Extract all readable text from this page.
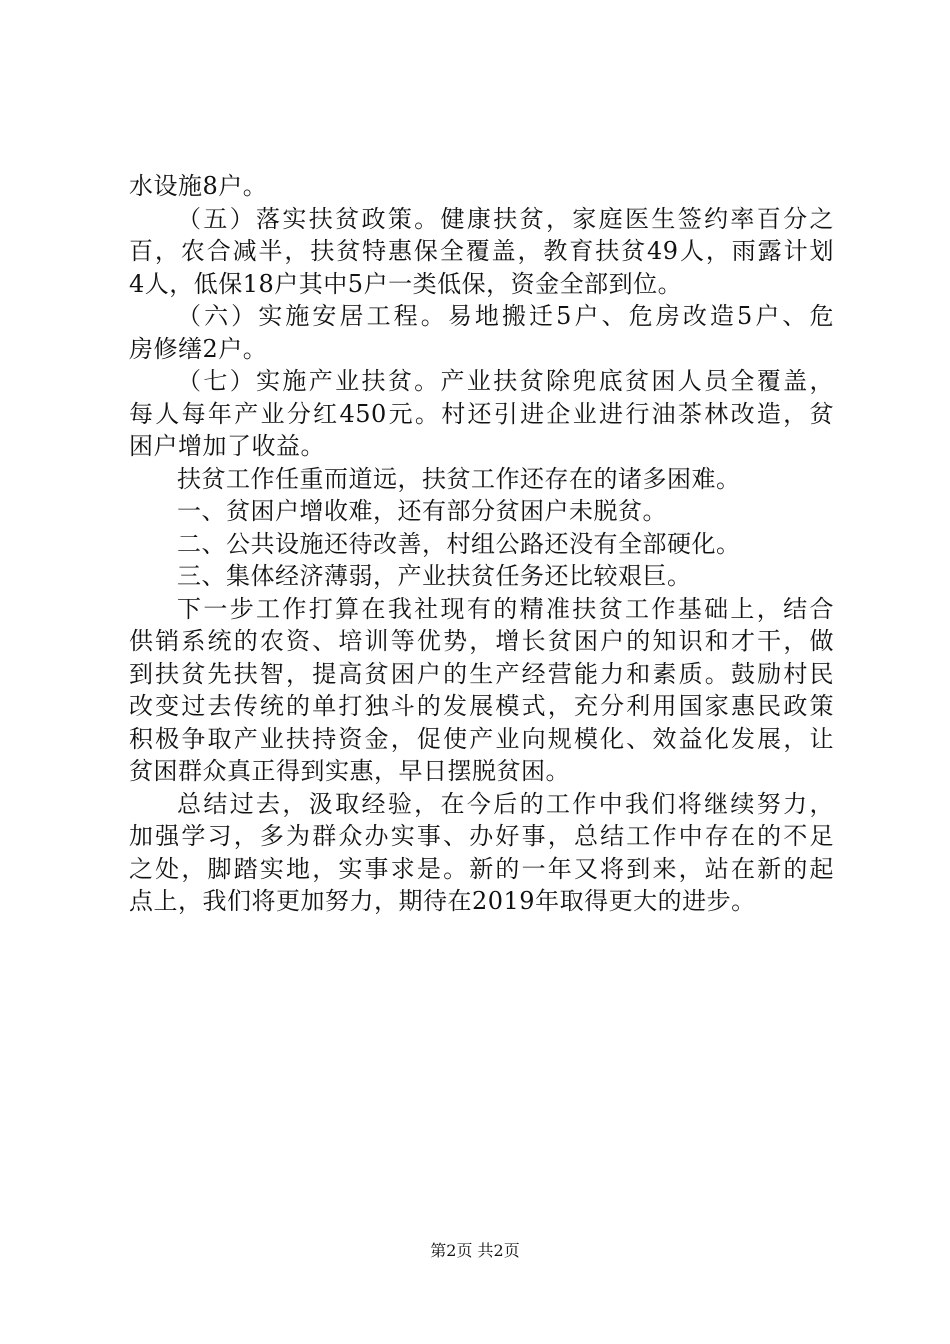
水设施8户。
（五）落实扶贫政策。健康扶贫，家庭医生签约率百分之
百，农合减半，扶贫特惠保全覆盖，教育扶贫49人，雨露计划
4人，低保18户其中5户一类低保，资金全部到位。
（六）实施安居工程。易地搬迁5户、危房改造5户、危
房修缮2户。
（七）实施产业扶贫。产业扶贫除兜底贫困人员全覆盖，
每人每年产业分红450元。村还引进企业进行油茶林改造，贫
困户增加了收益。
扶贫工作任重而道远，扶贫工作还存在的诸多困难。
一、贫困户增收难，还有部分贫困户未脱贫。
二、公共设施还待改善，村组公路还没有全部硬化。
三、集体经济薄弱，产业扶贫任务还比较艰巨。
下一步工作打算在我社现有的精准扶贫工作基础上，结合
供销系统的农资、培训等优势，增长贫困户的知识和才干，做
到扶贫先扶智，提高贫困户的生产经营能力和素质。鼓励村民
改变过去传统的单打独斗的发展模式，充分利用国家惠民政策
积极争取产业扶持资金，促使产业向规模化、效益化发展，让
贫困群众真正得到实惠，早日摆脱贫困。
总结过去，汲取经验，在今后的工作中我们将继续努力，
加强学习，多为群众办实事、办好事，总结工作中存在的不足
之处，脚踏实地，实事求是。新的一年又将到来，站在新的起
点上，我们将更加努力，期待在2019年取得更大的进步。
第2页 共2页
